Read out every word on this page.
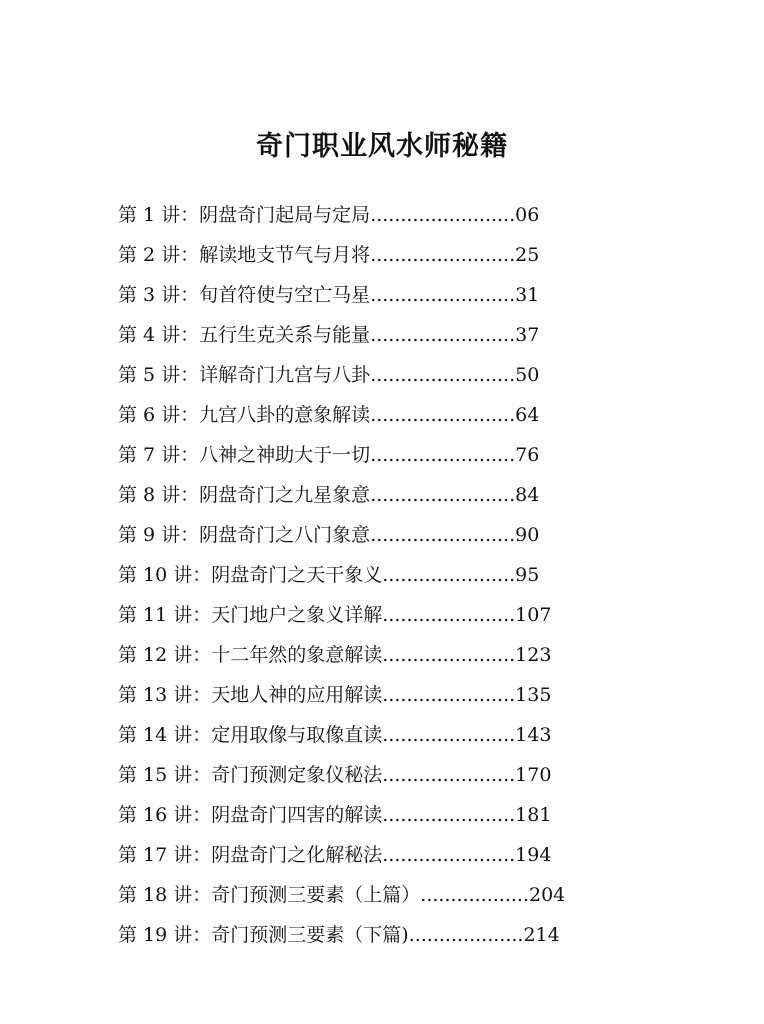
奇门职业风水师秘籍
第 1 讲：阴盘奇门起局与定局........................06
第 2 讲：解读地支节气与月将........................25
第 3 讲：旬首符使与空亡马星........................31
第 4 讲：五行生克关系与能量........................37
第 5 讲：详解奇门九宫与八卦........................50
第 6 讲：九宫八卦的意象解读........................64
第 7 讲：八神之神助大于一切........................76
第 8 讲：阴盘奇门之九星象意........................84
第 9 讲：阴盘奇门之八门象意........................90
第 10 讲：阴盘奇门之天干象义......................95
第 11 讲：天门地户之象义详解......................107
第 12 讲：十二年然的象意解读......................123
第 13 讲：天地人神的应用解读......................135
第 14 讲：定用取像与取像直读......................143
第 15 讲：奇门预测定象仪秘法......................170
第 16 讲：阴盘奇门四害的解读......................181
第 17 讲：阴盘奇门之化解秘法......................194
第 18 讲：奇门预测三要素（上篇）..................204
第 19 讲：奇门预测三要素（下篇)...................214
